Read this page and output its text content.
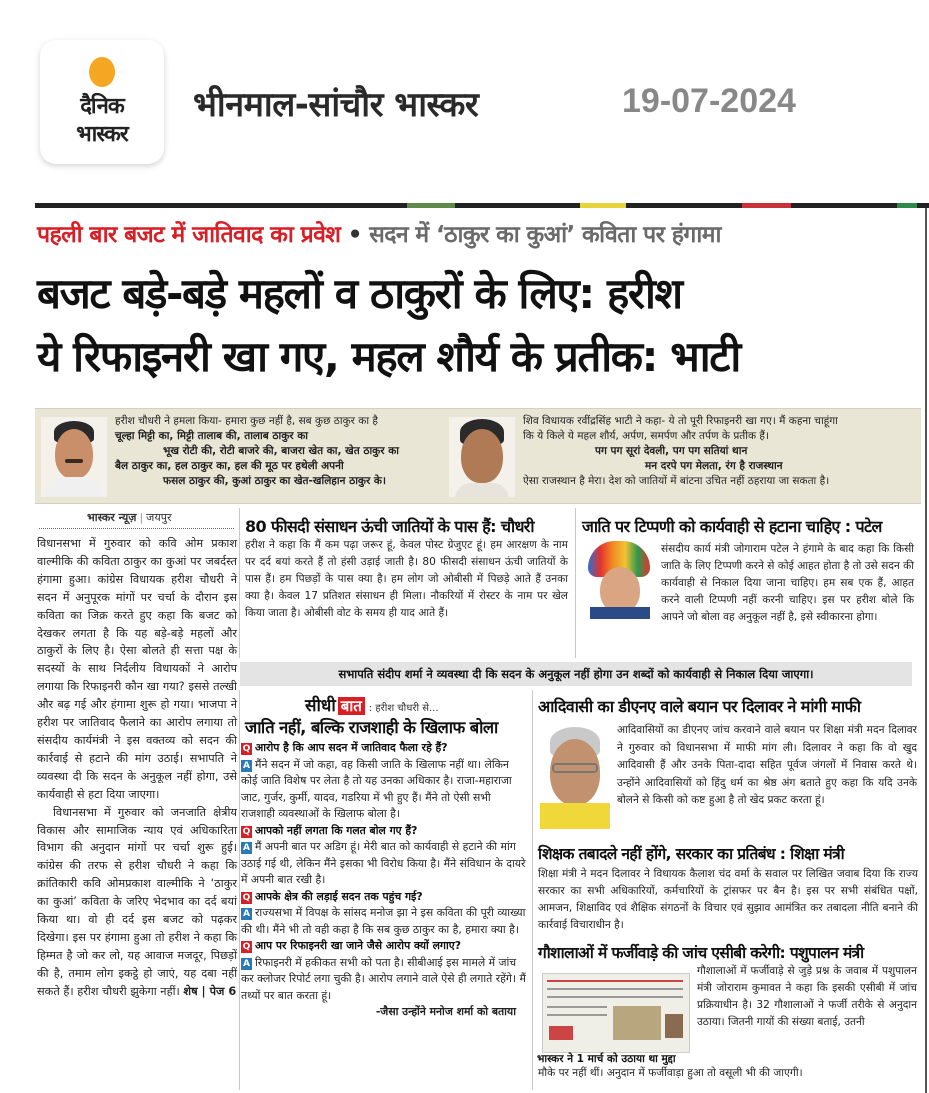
दैनिक
भास्कर
भीनमाल-सांचौर भास्कर	19-07-2024
पहली बार बजट में जातिवाद का प्रवेश • सदन में ‘ठाकुर का कुआं’ कविता पर हंगामा
बजट बड़े-बड़े महलों व ठाकुरों के लिए: हरीश
ये रिफाइनरी खा गए, महल शौर्य के प्रतीक: भाटी
हरीश चौधरी ने हमला किया- हमारा कुछ नहीं है, सब कुछ ठाकुर का है
चूल्हा मिट्टी का, मिट्टी तालाब की, तालाब ठाकुर का
भूख रोटी की, रोटी बाजरे की, बाजरा खेत का, खेत ठाकुर का
बैल ठाकुर का, हल ठाकुर का, हल की मूठ पर हथेली अपनी
फसल ठाकुर की, कुआं ठाकुर का खेत-खलिहान ठाकुर के।
शिव विधायक रवींद्रसिंह भाटी ने कहा- ये तो पूरी रिफाइनरी खा गए। मैं कहना चाहूंगा
कि ये किले ये महल शौर्य, अर्पण, समर्पण और तर्पण के प्रतीक हैं।
पग पग सूरां देवली, पग पग सतियां थान
मन दरपे पग मेलता, रंग है राजस्थान
ऐसा राजस्थान है मेरा। देश को जातियों में बांटना उचित नहीं ठहराया जा सकता है।
भास्कर न्यूज़ | जयपुर

विधानसभा में गुरुवार को कवि ओम प्रकाश वाल्मीकि की कविता ठाकुर का कुआं पर जबर्दस्त हंगामा हुआ। कांग्रेस विधायक हरीश चौधरी ने सदन में अनुपूरक मांगों पर चर्चा के दौरान इस कविता का जिक्र करते हुए कहा कि बजट को देखकर लगता है कि यह बड़े-बड़े महलों और ठाकुरों के लिए है। ऐसा बोलते ही सत्ता पक्ष के सदस्यों के साथ निर्दलीय विधायकों ने आरोप लगाया कि रिफाइनरी कौन खा गया? इससे तल्खी और बढ़ गई और हंगामा शुरू हो गया। भाजपा ने हरीश पर जातिवाद फैलाने का आरोप लगाया तो संसदीय कार्यमंत्री ने इस वक्तव्य को सदन की कार्रवाई से हटाने की मांग उठाई। सभापति ने व्यवस्था दी कि सदन के अनुकूल नहीं होगा, उसे कार्यवाही से हटा दिया जाएगा।

विधानसभा में गुरुवार को जनजाति क्षेत्रीय विकास और सामाजिक न्याय एवं अधिकारिता विभाग की अनुदान मांगों पर चर्चा शुरू हुई। कांग्रेस की तरफ से हरीश चौधरी ने कहा कि क्रांतिकारी कवि ओमप्रकाश वाल्मीकि ने ‘ठाकुर का कुआं’ कविता के जरिए भेदभाव का दर्द बयां किया था। वो ही दर्द इस बजट को पढ़कर दिखेगा। इस पर हंगामा हुआ तो हरीश ने कहा कि हिम्मत है जो कर लो, यह आवाज मजदूर, पिछड़ों की है, तमाम लोग इकट्ठे हो जाएं, यह दबा नहीं सकते हैं। हरीश चौधरी झुकेगा नहीं। शेष | पेज 6

80 फीसदी संसाधन ऊंची जातियों के पास हैं: चौधरी
हरीश ने कहा कि मैं कम पढ़ा जरूर हूं, केवल पोस्ट ग्रेजुएट हूं। हम आरक्षण के नाम पर दर्द बयां करते हैं तो हंसी उड़ाई जाती है। 80 फीसदी संसाधन ऊंची जातियों के पास हैं। हम पिछड़ों के पास क्या है। हम लोग जो ओबीसी में पिछड़े आते हैं उनका क्या है। केवल 17 प्रतिशत संसाधन ही मिला। नौकरियों में रोस्टर के नाम पर खेल किया जाता है। ओबीसी वोट के समय ही याद आते हैं।
जाति पर टिप्पणी को कार्यवाही से हटाना चाहिए : पटेल
संसदीय कार्य मंत्री जोगाराम पटेल ने हंगामे के बाद कहा कि किसी जाति के लिए टिप्पणी करने से कोई आहत होता है तो उसे सदन की कार्यवाही से निकाल दिया जाना चाहिए। हम सब एक हैं, आहत करने वाली टिप्पणी नहीं करनी चाहिए। इस पर हरीश बोले कि आपने जो बोला वह अनुकूल नहीं है, इसे स्वीकारना होगा।
सभापति संदीप शर्मा ने व्यवस्था दी कि सदन के अनुकूल नहीं होगा उन शब्दों को कार्यवाही से निकाल दिया जाएगा।
सीधी बात : हरीश चौधरी से...
जाति नहीं, बल्कि राजशाही के खिलाफ बोला
Q आरोप है कि आप सदन में जातिवाद फैला रहे हैं?
A मैंने सदन में जो कहा, वह किसी जाति के खिलाफ नहीं था। लेकिन कोई जाति विशेष पर लेता है तो यह उनका अधिकार है। राजा-महाराजा जाट, गुर्जर, कुर्मी, यादव, गडरिया में भी हुए हैं। मैंने तो ऐसी सभी राजशाही व्यवस्थाओं के खिलाफ बोला है।
Q आपको नहीं लगता कि गलत बोल गए हैं?
A मैं अपनी बात पर अडिग हूं। मेरी बात को कार्यवाही से हटाने की मांग उठाई गई थी, लेकिन मैंने इसका भी विरोध किया है। मैंने संविधान के दायरे में अपनी बात रखी है।
Q आपके क्षेत्र की लड़ाई सदन तक पहुंच गई?
A राज्यसभा में विपक्ष के सांसद मनोज झा ने इस कविता की पूरी व्याख्या की थी। मैंने भी तो वही कहा है कि सब कुछ ठाकुर का है, हमारा क्या है।
Q आप पर रिफाइनरी खा जाने जैसे आरोप क्यों लगाए?
A रिफाइनरी में हकीकत सभी को पता है। सीबीआई इस मामले में जांच कर क्लोजर रिपोर्ट लगा चुकी है। आरोप लगाने वाले ऐसे ही लगाते रहेंगे। मैं तथ्यों पर बात करता हूं।
-जैसा उन्होंने मनोज शर्मा को बताया
आदिवासी का डीएनए वाले बयान पर दिलावर ने मांगी माफी
आदिवासियों का डीएनए जांच करवाने वाले बयान पर शिक्षा मंत्री मदन दिलावर ने गुरुवार को विधानसभा में माफी मांग ली। दिलावर ने कहा कि वो खुद आदिवासी हैं और उनके पिता-दादा सहित पूर्वज जंगलों में निवास करते थे। उन्होंने आदिवासियों को हिंदु धर्म का श्रेष्ठ अंग बताते हुए कहा कि यदि उनके बोलने से किसी को कष्ट हुआ है तो खेद प्रकट करता हूं।
शिक्षक तबादले नहीं होंगे, सरकार का प्रतिबंध : शिक्षा मंत्री
शिक्षा मंत्री ने मदन दिलावर ने विधायक कैलाश चंद वर्मा के सवाल पर लिखित जवाब दिया कि राज्य सरकार का सभी अधिकारियों, कर्मचारियों के ट्रांसफर पर बैन है। इस पर सभी संबंधित पक्षों, आमजन, शिक्षाविद एवं शैक्षिक संगठनों के विचार एवं सुझाव आमंत्रित कर तबादला नीति बनाने की कार्रवाई विचाराधीन है।
गौशालाओं में फर्जीवाड़े की जांच एसीबी करेगी: पशुपालन मंत्री
भास्कर ने 1 मार्च को उठाया था मुद्दा
गौशालाओं में फर्जीवाड़े से जुड़े प्रश्न के जवाब में पशुपालन मंत्री जोराराम कुमावत ने कहा कि इसकी एसीबी में जांच प्रक्रियाधीन है। 32 गौशालाओं ने फर्जी तरीके से अनुदान उठाया। जितनी गायों की संख्या बताई, उतनी
मौके पर नहीं थीं। अनुदान में फर्जीवाड़ा हुआ तो वसूली भी की जाएगी।
